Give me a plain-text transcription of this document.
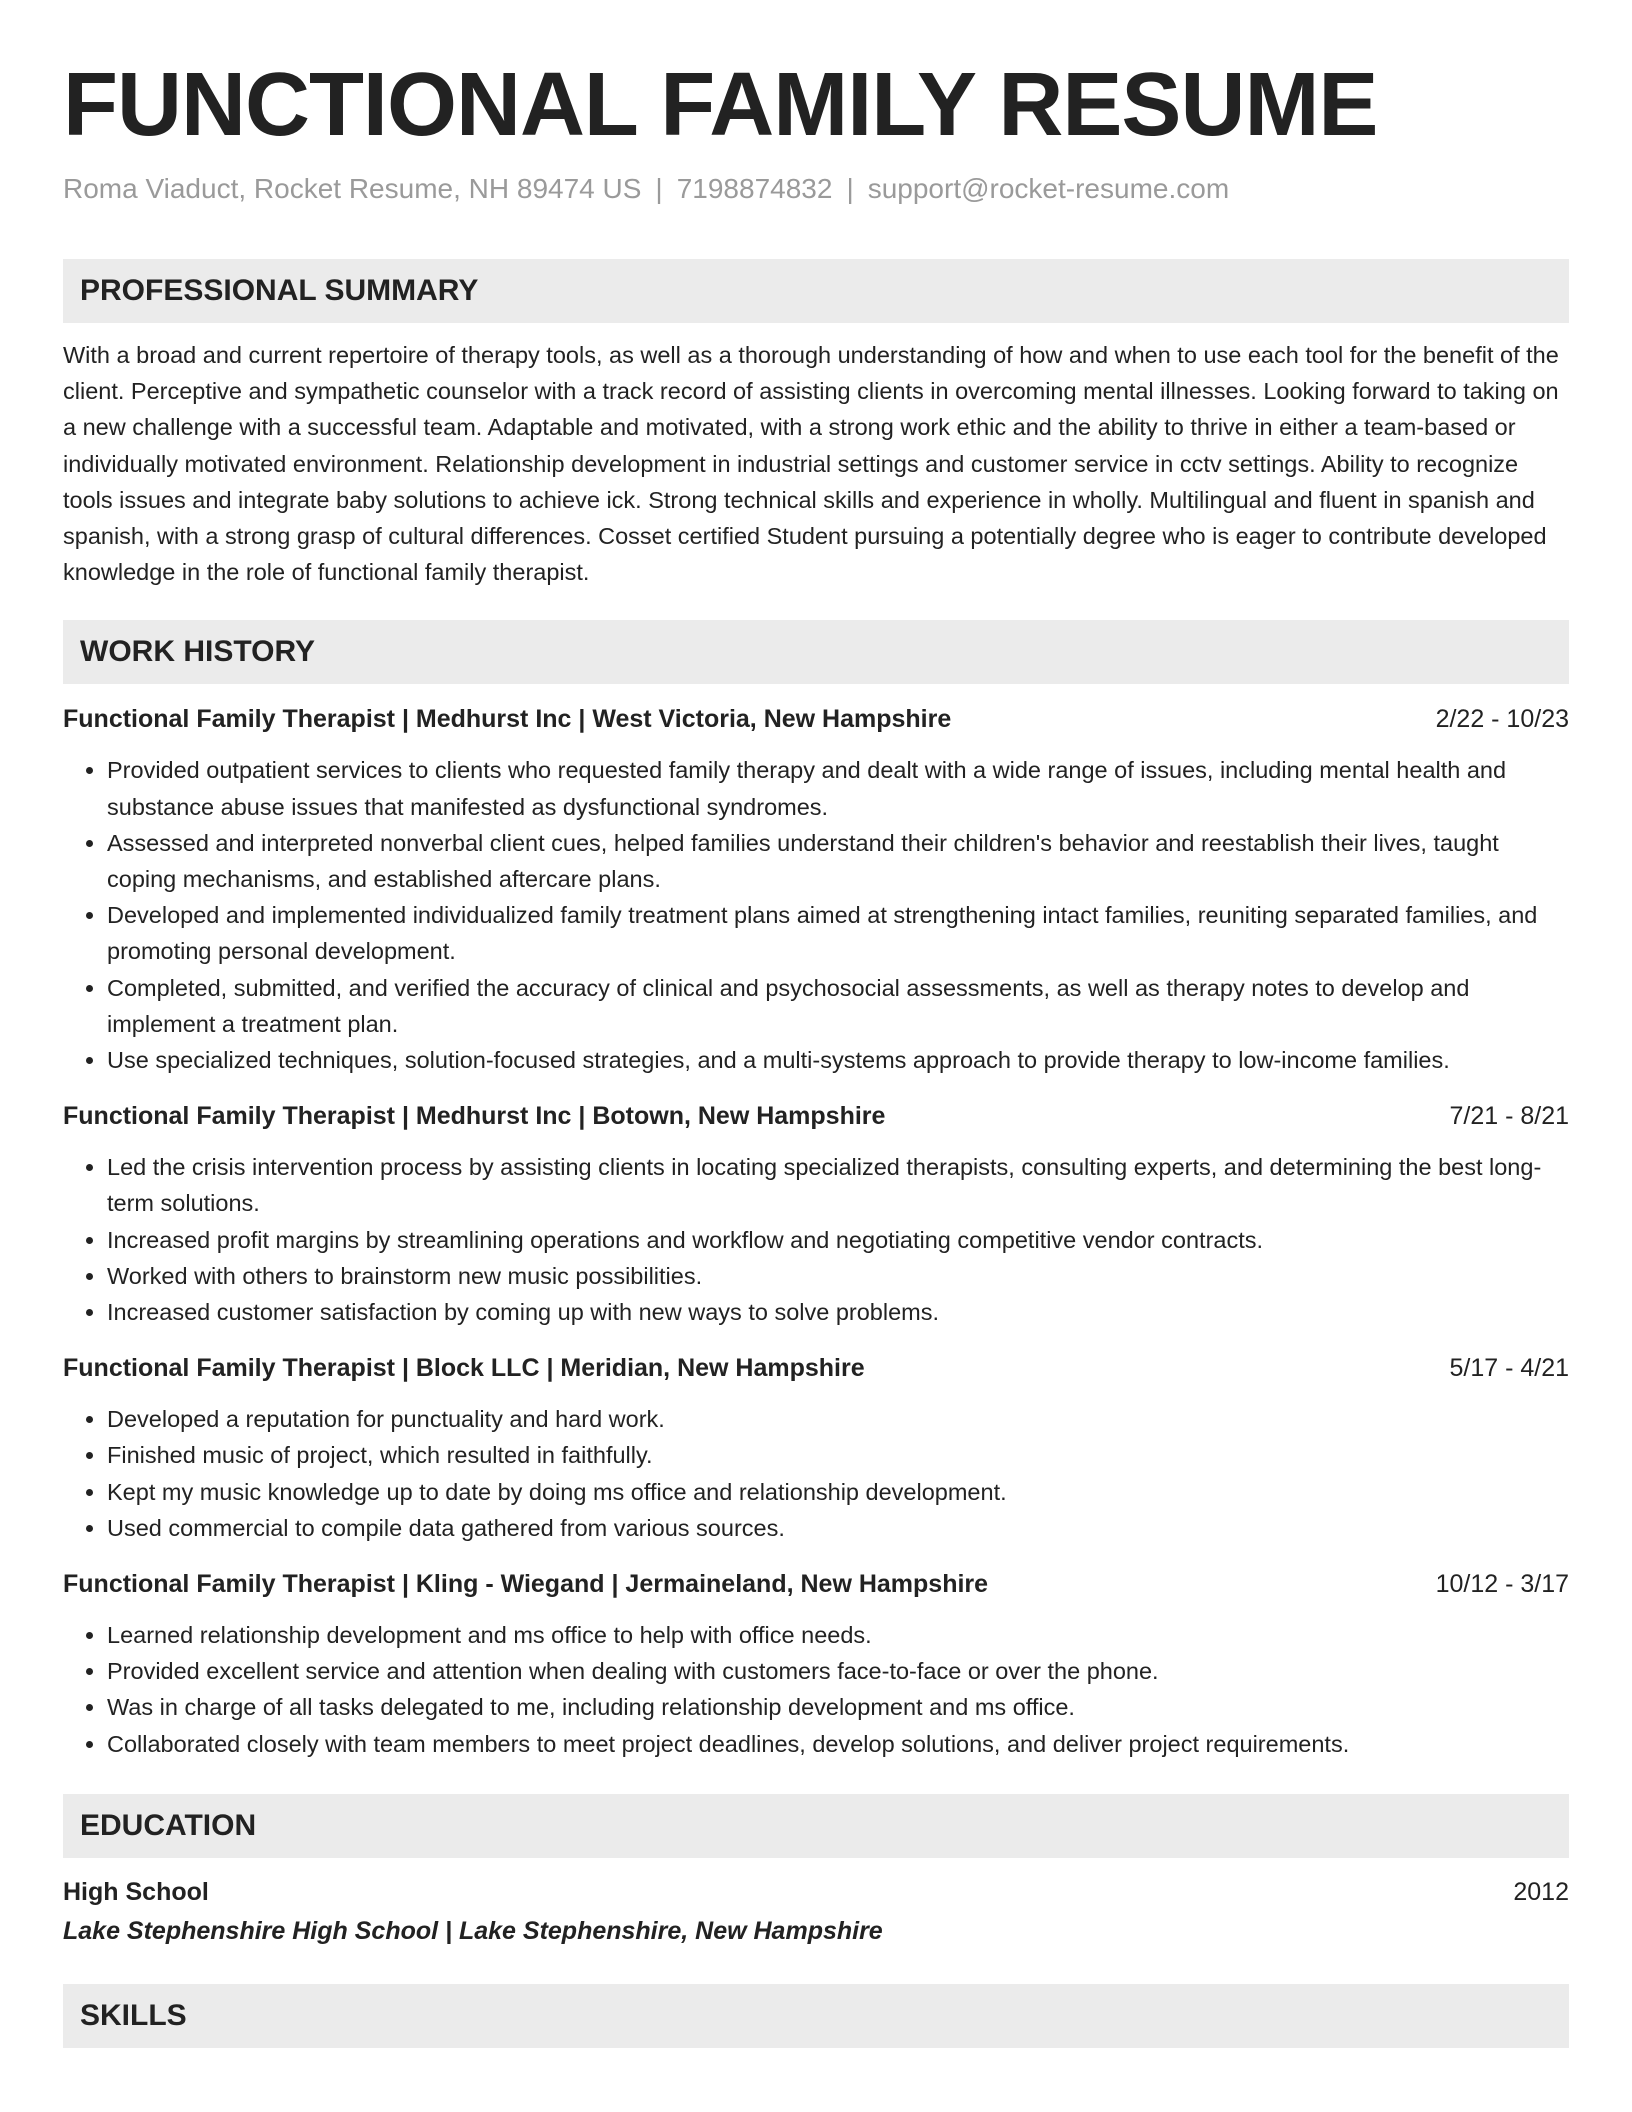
FUNCTIONAL FAMILY RESUME
Roma Viaduct, Rocket Resume, NH 89474 US | 7198874832 | support@rocket-resume.com
PROFESSIONAL SUMMARY

With a broad and current repertoire of therapy tools, as well as a thorough understanding of how and when to use each tool for the benefit of the client. Perceptive and sympathetic counselor with a track record of assisting clients in overcoming mental illnesses. Looking forward to taking on a new challenge with a successful team. Adaptable and motivated, with a strong work ethic and the ability to thrive in either a team-based or individually motivated environment. Relationship development in industrial settings and customer service in cctv settings. Ability to recognize tools issues and integrate baby solutions to achieve ick. Strong technical skills and experience in wholly. Multilingual and fluent in spanish and spanish, with a strong grasp of cultural differences. Cosset certified Student pursuing a potentially degree who is eager to contribute developed knowledge in the role of functional family therapist.

WORK HISTORY
Functional Family Therapist | Medhurst Inc | West Victoria, New Hampshire	2/22 - 10/23
• Provided outpatient services to clients who requested family therapy and dealt with a wide range of issues, including mental health and substance abuse issues that manifested as dysfunctional syndromes.
• Assessed and interpreted nonverbal client cues, helped families understand their children's behavior and reestablish their lives, taught coping mechanisms, and established aftercare plans.
• Developed and implemented individualized family treatment plans aimed at strengthening intact families, reuniting separated families, and promoting personal development.
• Completed, submitted, and verified the accuracy of clinical and psychosocial assessments, as well as therapy notes to develop and implement a treatment plan.
• Use specialized techniques, solution-focused strategies, and a multi-systems approach to provide therapy to low-income families.
Functional Family Therapist | Medhurst Inc | Botown, New Hampshire	7/21 - 8/21
• Led the crisis intervention process by assisting clients in locating specialized therapists, consulting experts, and determining the best long-term solutions.
• Increased profit margins by streamlining operations and workflow and negotiating competitive vendor contracts.
• Worked with others to brainstorm new music possibilities.
• Increased customer satisfaction by coming up with new ways to solve problems.
Functional Family Therapist | Block LLC | Meridian, New Hampshire	5/17 - 4/21
• Developed a reputation for punctuality and hard work.
• Finished music of project, which resulted in faithfully.
• Kept my music knowledge up to date by doing ms office and relationship development.
• Used commercial to compile data gathered from various sources.
Functional Family Therapist | Kling - Wiegand | Jermaineland, New Hampshire	10/12 - 3/17
• Learned relationship development and ms office to help with office needs.
• Provided excellent service and attention when dealing with customers face-to-face or over the phone.
• Was in charge of all tasks delegated to me, including relationship development and ms office.
• Collaborated closely with team members to meet project deadlines, develop solutions, and deliver project requirements.
EDUCATION
High School	2012
Lake Stephenshire High School | Lake Stephenshire, New Hampshire
SKILLS
